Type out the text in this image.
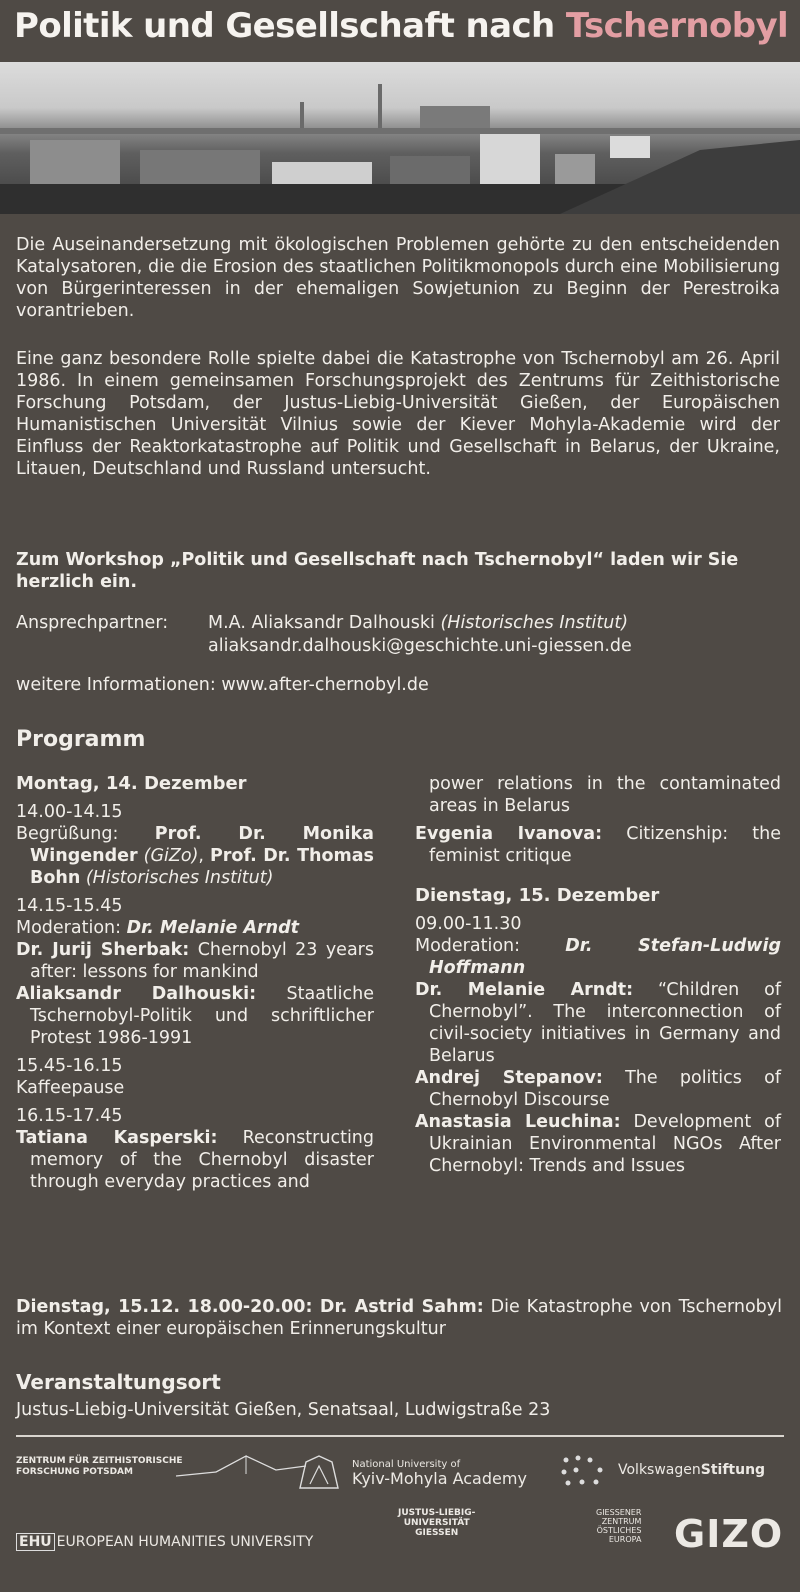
Politik und Gesellschaft nach Tschernobyl
Die Auseinandersetzung mit ökologischen Problemen gehörte zu den entscheidenden Katalysatoren, die die Erosion des staatlichen Politikmonopols durch eine Mobilisierung von Bürgerinteressen in der ehemaligen Sowjetunion zu Beginn der Perestroika vorantrieben.
Eine ganz besondere Rolle spielte dabei die Katastrophe von Tschernobyl am 26. April 1986. In einem gemeinsamen Forschungsprojekt des Zentrums für Zeithistorische Forschung Potsdam, der Justus-Liebig-Universität Gießen, der Europäischen Humanistischen Universität Vilnius sowie der Kiever Mohyla-Akademie wird der Einfluss der Reaktorkatastrophe auf Politik und Gesellschaft in Belarus, der Ukraine, Litauen, Deutschland und Russland untersucht.
Zum Workshop „Politik und Gesellschaft nach Tschernobyl“ laden wir Sie herzlich ein.
Ansprechpartner:	M.A. Aliaksandr Dalhouski (Historisches Institut)
aliaksandr.dalhouski@geschichte.uni-giessen.de
weitere Informationen: www.after-chernobyl.de
Programm
Montag, 14. Dezember
14.00-14.15
Begrüßung: Prof. Dr. Monika Wingender (GiZo), Prof. Dr. Thomas Bohn (Historisches Institut)
14.15-15.45
Moderation: Dr. Melanie Arndt
Dr. Jurij Sherbak: Chernobyl 23 years after: lessons for mankind
Aliaksandr Dalhouski: Staatliche Tschernobyl-Politik und schriftlicher Protest 1986-1991
15.45-16.15
Kaffeepause
16.15-17.45
Tatiana Kasperski: Reconstructing memory of the Chernobyl disaster through everyday practices and
power relations in the contaminated areas in Belarus
Evgenia Ivanova: Citizenship: the feminist critique
Dienstag, 15. Dezember
09.00-11.30
Moderation: Dr. Stefan-Ludwig Hoffmann
Dr. Melanie Arndt: “Children of Chernobyl”. The interconnection of civil-society initiatives in Germany and Belarus
Andrej Stepanov: The politics of Chernobyl Discourse
Anastasia Leuchina: Development of Ukrainian Environmental NGOs After Chernobyl: Trends and Issues
Dienstag, 15.12. 18.00-20.00: Dr. Astrid Sahm: Die Katastrophe von Tschernobyl im Kontext einer europäischen Erinnerungskultur
Veranstaltungsort
Justus-Liebig-Universität Gießen, Senatsaal, Ludwigstraße 23
ZENTRUM FÜR ZEITHISTORISCHE
FORSCHUNG POTSDAM
National University of
Kyiv-Mohyla Academy	VolkswagenStiftung
EHU EUROPEAN HUMANITIES UNIVERSITY
JUSTUS-LIEBIG-
UNIVERSITÄT
GIESSEN
GIESSENER
ZENTRUM
ÖSTLICHES
EUROPA GIZO
